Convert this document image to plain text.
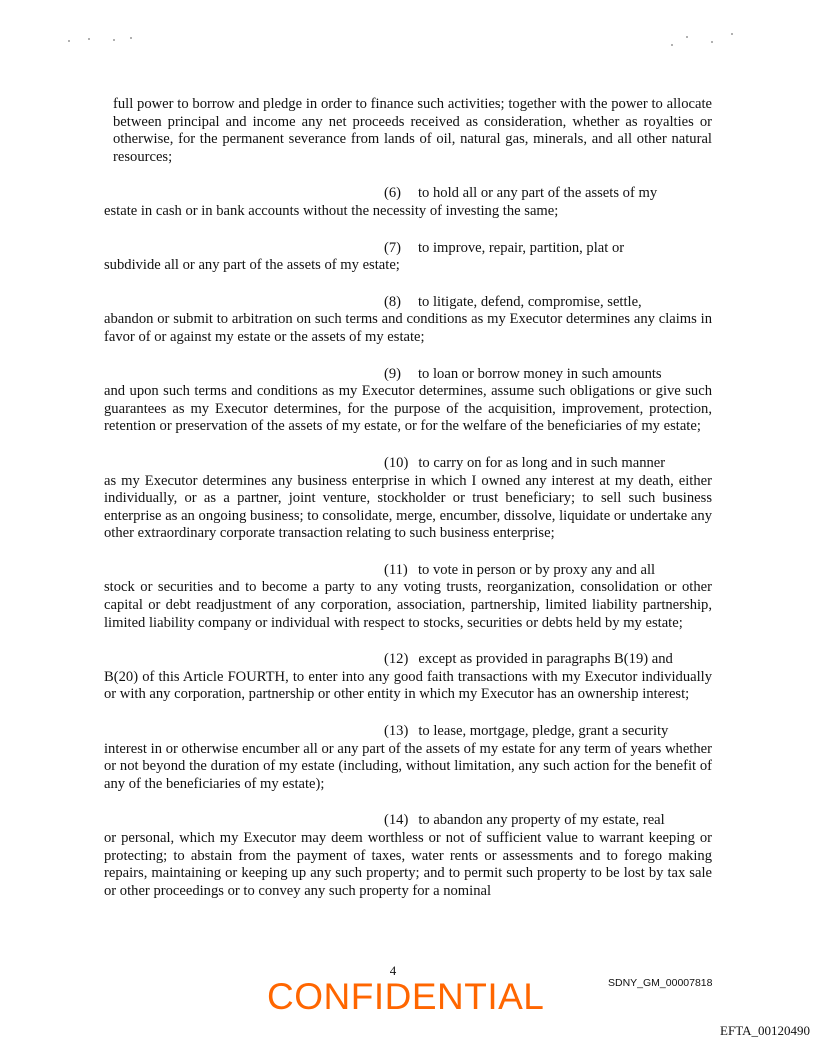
full power to borrow and pledge in order to finance such activities; together with the power to allocate between principal and income any net proceeds received as consideration, whether as royalties or otherwise, for the permanent severance from lands of oil, natural gas, minerals, and all other natural resources;

(6) to hold all or any part of the assets of my
estate in cash or in bank accounts without the necessity of investing the same;

(7) to improve, repair, partition, plat or
subdivide all or any part of the assets of my estate;

(8) to litigate, defend, compromise, settle,
abandon or submit to arbitration on such terms and conditions as my Executor determines any claims in favor of or against my estate or the assets of my estate;

(9) to loan or borrow money in such amounts
and upon such terms and conditions as my Executor determines, assume such obligations or give such guarantees as my Executor determines, for the purpose of the acquisition, improvement, protection, retention or preservation of the assets of my estate, or for the welfare of the beneficiaries of my estate;

(10) to carry on for as long and in such manner
as my Executor determines any business enterprise in which I owned any interest at my death, either individually, or as a partner, joint venture, stockholder or trust beneficiary; to sell such business enterprise as an ongoing business; to consolidate, merge, encumber, dissolve, liquidate or undertake any other extraordinary corporate transaction relating to such business enterprise;

(11) to vote in person or by proxy any and all
stock or securities and to become a party to any voting trusts, reorganization, consolidation or other capital or debt readjustment of any corporation, association, partnership, limited liability partnership, limited liability company or individual with respect to stocks, securities or debts held by my estate;

(12) except as provided in paragraphs B(19) and
B(20) of this Article FOURTH, to enter into any good faith transactions with my Executor individually or with any corporation, partnership or other entity in which my Executor has an ownership interest;

(13) to lease, mortgage, pledge, grant a security
interest in or otherwise encumber all or any part of the assets of my estate for any term of years whether or not beyond the duration of my estate (including, without limitation, any such action for the benefit of any of the beneficiaries of my estate);

(14) to abandon any property of my estate, real
or personal, which my Executor may deem worthless or not of sufficient value to warrant keeping or protecting; to abstain from the payment of taxes, water rents or assessments and to forego making repairs, maintaining or keeping up any such property; and to permit such property to be lost by tax sale or other proceedings or to convey any such property for a nominal

4
CONFIDENTIAL	SDNY_GM_00007818
EFTA_00120490
